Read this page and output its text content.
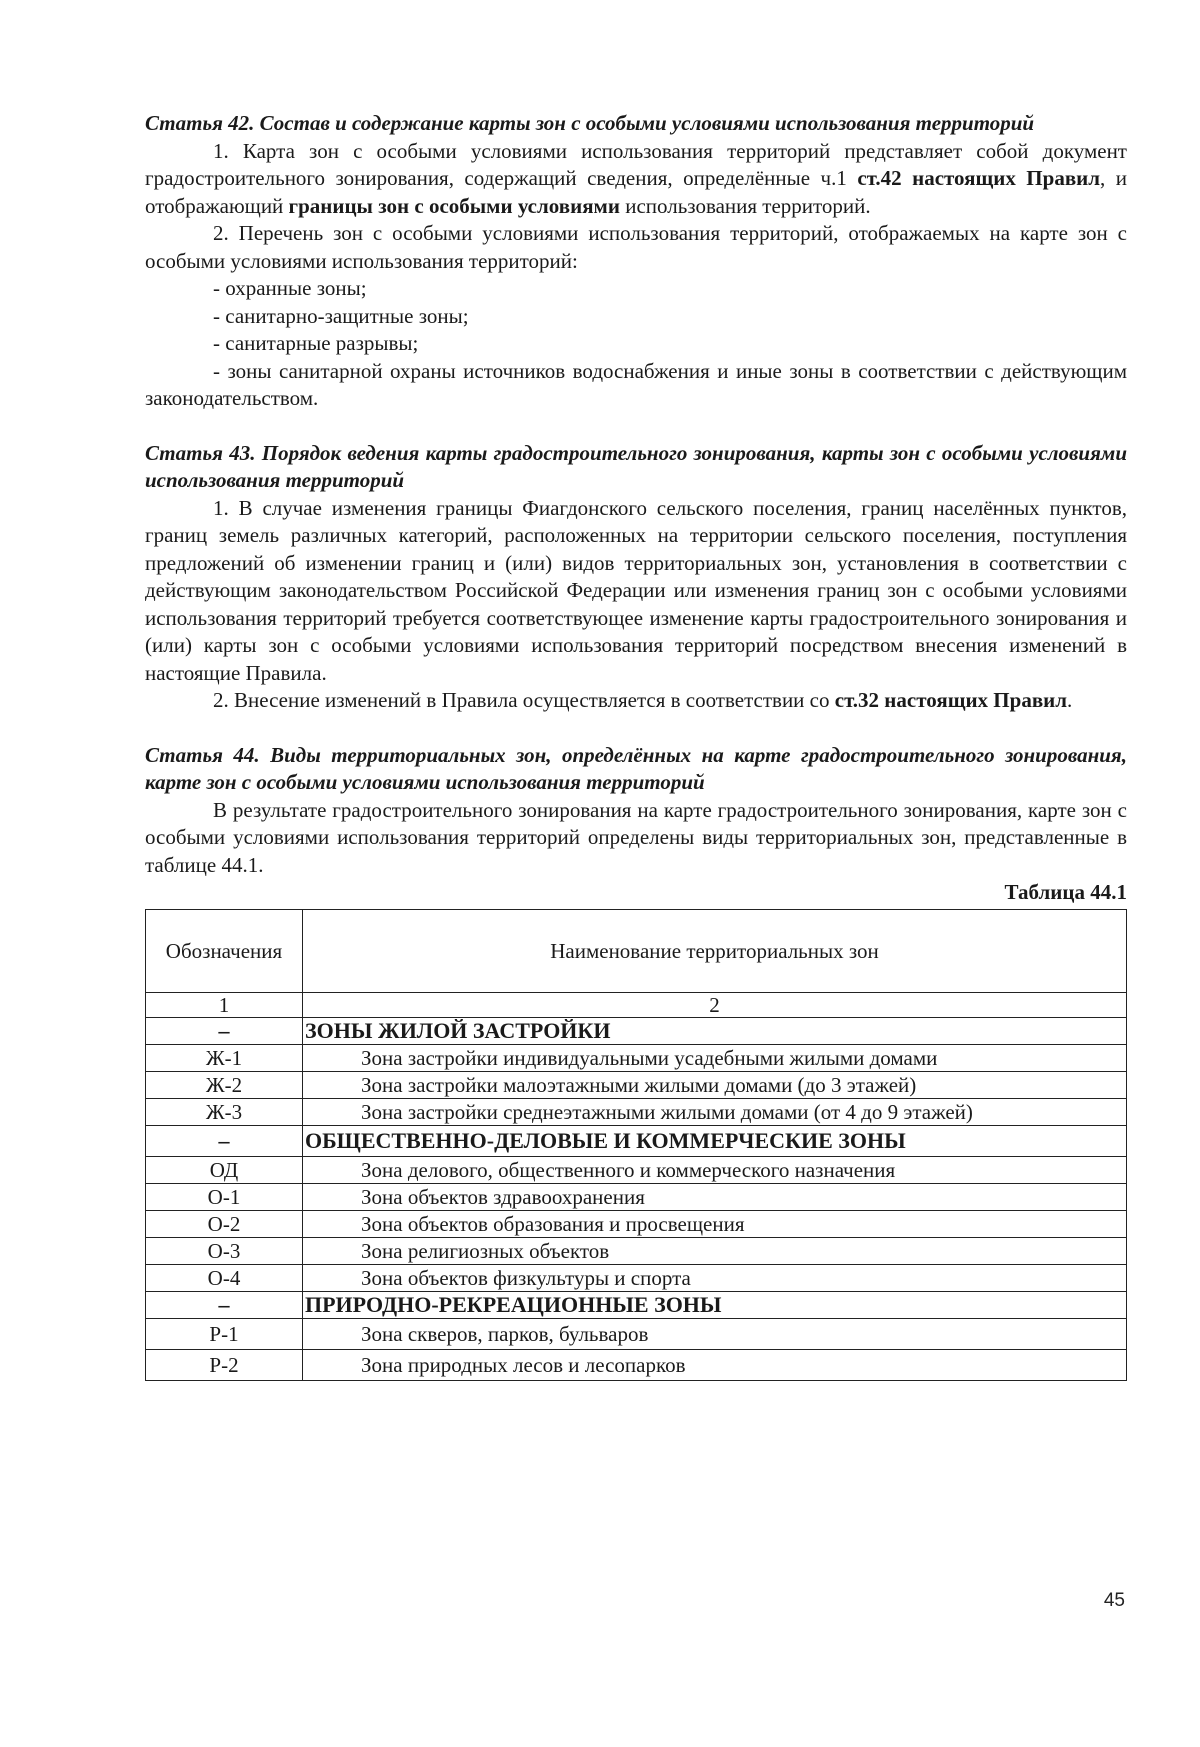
Статья 42. Состав и содержание карты зон с особыми условиями использования территорий

1. Карта зон с особыми условиями использования территорий представляет собой документ градостроительного зонирования, содержащий сведения, определённые ч.1 ст.42 настоящих Правил, и отображающий границы зон с особыми условиями использования территорий.

2. Перечень зон с особыми условиями использования территорий, отображаемых на карте зон с особыми условиями использования территорий:

- охранные зоны;

- санитарно-защитные зоны;

- санитарные разрывы;

- зоны санитарной охраны источников водоснабжения и иные зоны в соответствии с действующим законодательством.

Статья 43. Порядок ведения карты градостроительного зонирования, карты зон с особыми условиями использования территорий

1. В случае изменения границы Фиагдонского сельского поселения, границ населённых пунктов, границ земель различных категорий, расположенных на территории сельского поселения, поступления предложений об изменении границ и (или) видов территориальных зон, установления в соответствии с действующим законодательством Российской Федерации или изменения границ зон с особыми условиями использования территорий требуется соответствующее изменение карты градостроительного зонирования и (или) карты зон с особыми условиями использования территорий посредством внесения изменений в настоящие Правила.

2. Внесение изменений в Правила осуществляется в соответствии со ст.32 настоящих Правил.

Статья 44. Виды территориальных зон, определённых на карте градостроительного зонирования, карте зон с особыми условиями использования территорий

В результате градостроительного зонирования на карте градостроительного зонирования, карте зон с особыми условиями использования территорий определены виды территориальных зон, представленные в таблице 44.1.

Таблица 44.1

Обозначения	Наименование территориальных зон
1	2
–	ЗОНЫ ЖИЛОЙ ЗАСТРОЙКИ
Ж-1	Зона застройки индивидуальными усадебными жилыми домами
Ж-2	Зона застройки малоэтажными жилыми домами (до 3 этажей)
Ж-3	Зона застройки среднеэтажными жилыми домами (от 4 до 9 этажей)
–	ОБЩЕСТВЕННО-ДЕЛОВЫЕ И КОММЕРЧЕСКИЕ ЗОНЫ
ОД	Зона делового, общественного и коммерческого назначения
О-1	Зона объектов здравоохранения
О-2	Зона объектов образования и просвещения
О-3	Зона религиозных объектов
О-4	Зона объектов физкультуры и спорта
–	ПРИРОДНО-РЕКРЕАЦИОННЫЕ ЗОНЫ
Р-1	Зона скверов, парков, бульваров
Р-2	Зона природных лесов и лесопарков
45
